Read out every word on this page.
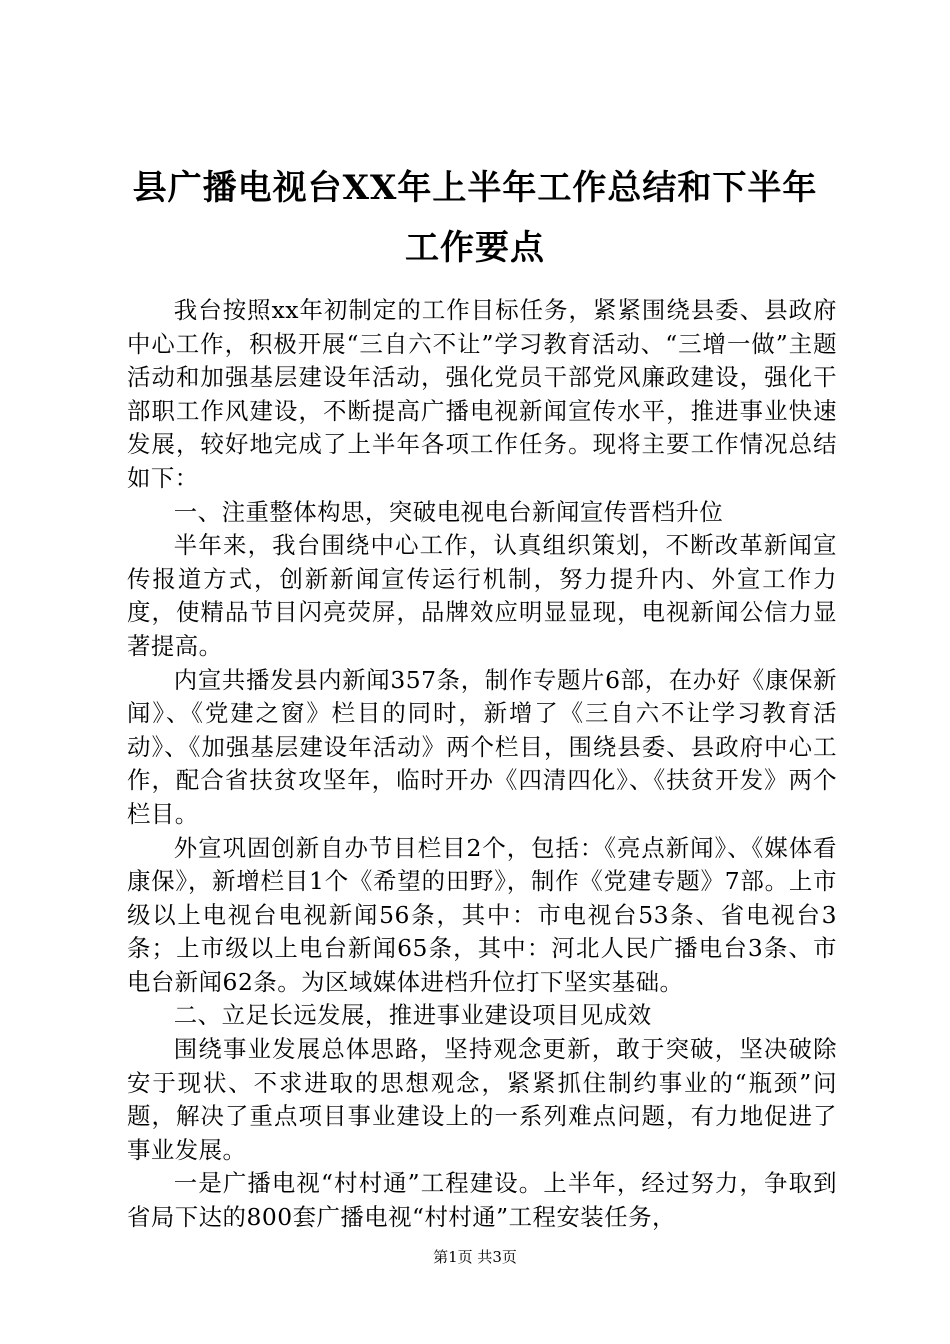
县广播电视台XX年上半年工作总结和下半年
工作要点

我台按照xx年初制定的工作目标任务，紧紧围绕县委、县政府中心工作，积极开展“三自六不让”学习教育活动、“三增一做”主题活动和加强基层建设年活动，强化党员干部党风廉政建设，强化干部职工作风建设，不断提高广播电视新闻宣传水平，推进事业快速发展，较好地完成了上半年各项工作任务。现将主要工作情况总结如下：

一、注重整体构思，突破电视电台新闻宣传晋档升位

半年来，我台围绕中心工作，认真组织策划，不断改革新闻宣传报道方式，创新新闻宣传运行机制，努力提升内、外宣工作力度，使精品节目闪亮荧屏，品牌效应明显显现，电视新闻公信力显著提高。

内宣共播发县内新闻357条，制作专题片6部，在办好《康保新闻》、《党建之窗》栏目的同时，新增了《三自六不让学习教育活动》、《加强基层建设年活动》两个栏目，围绕县委、县政府中心工作，配合省扶贫攻坚年，临时开办《四清四化》、《扶贫开发》两个栏目。

外宣巩固创新自办节目栏目2个，包括：《亮点新闻》、《媒体看康保》，新增栏目1个《希望的田野》，制作《党建专题》7部。上市级以上电视台电视新闻56条，其中：市电视台53条、省电视台3条；上市级以上电台新闻65条，其中：河北人民广播电台3条、市电台新闻62条。为区域媒体进档升位打下坚实基础。

二、立足长远发展，推进事业建设项目见成效

围绕事业发展总体思路，坚持观念更新，敢于突破，坚决破除安于现状、不求进取的思想观念，紧紧抓住制约事业的“瓶颈”问题，解决了重点项目事业建设上的一系列难点问题，有力地促进了事业发展。

一是广播电视“村村通”工程建设。上半年，经过努力，争取到省局下达的800套广播电视“村村通”工程安装任务，

第1页 共3页
